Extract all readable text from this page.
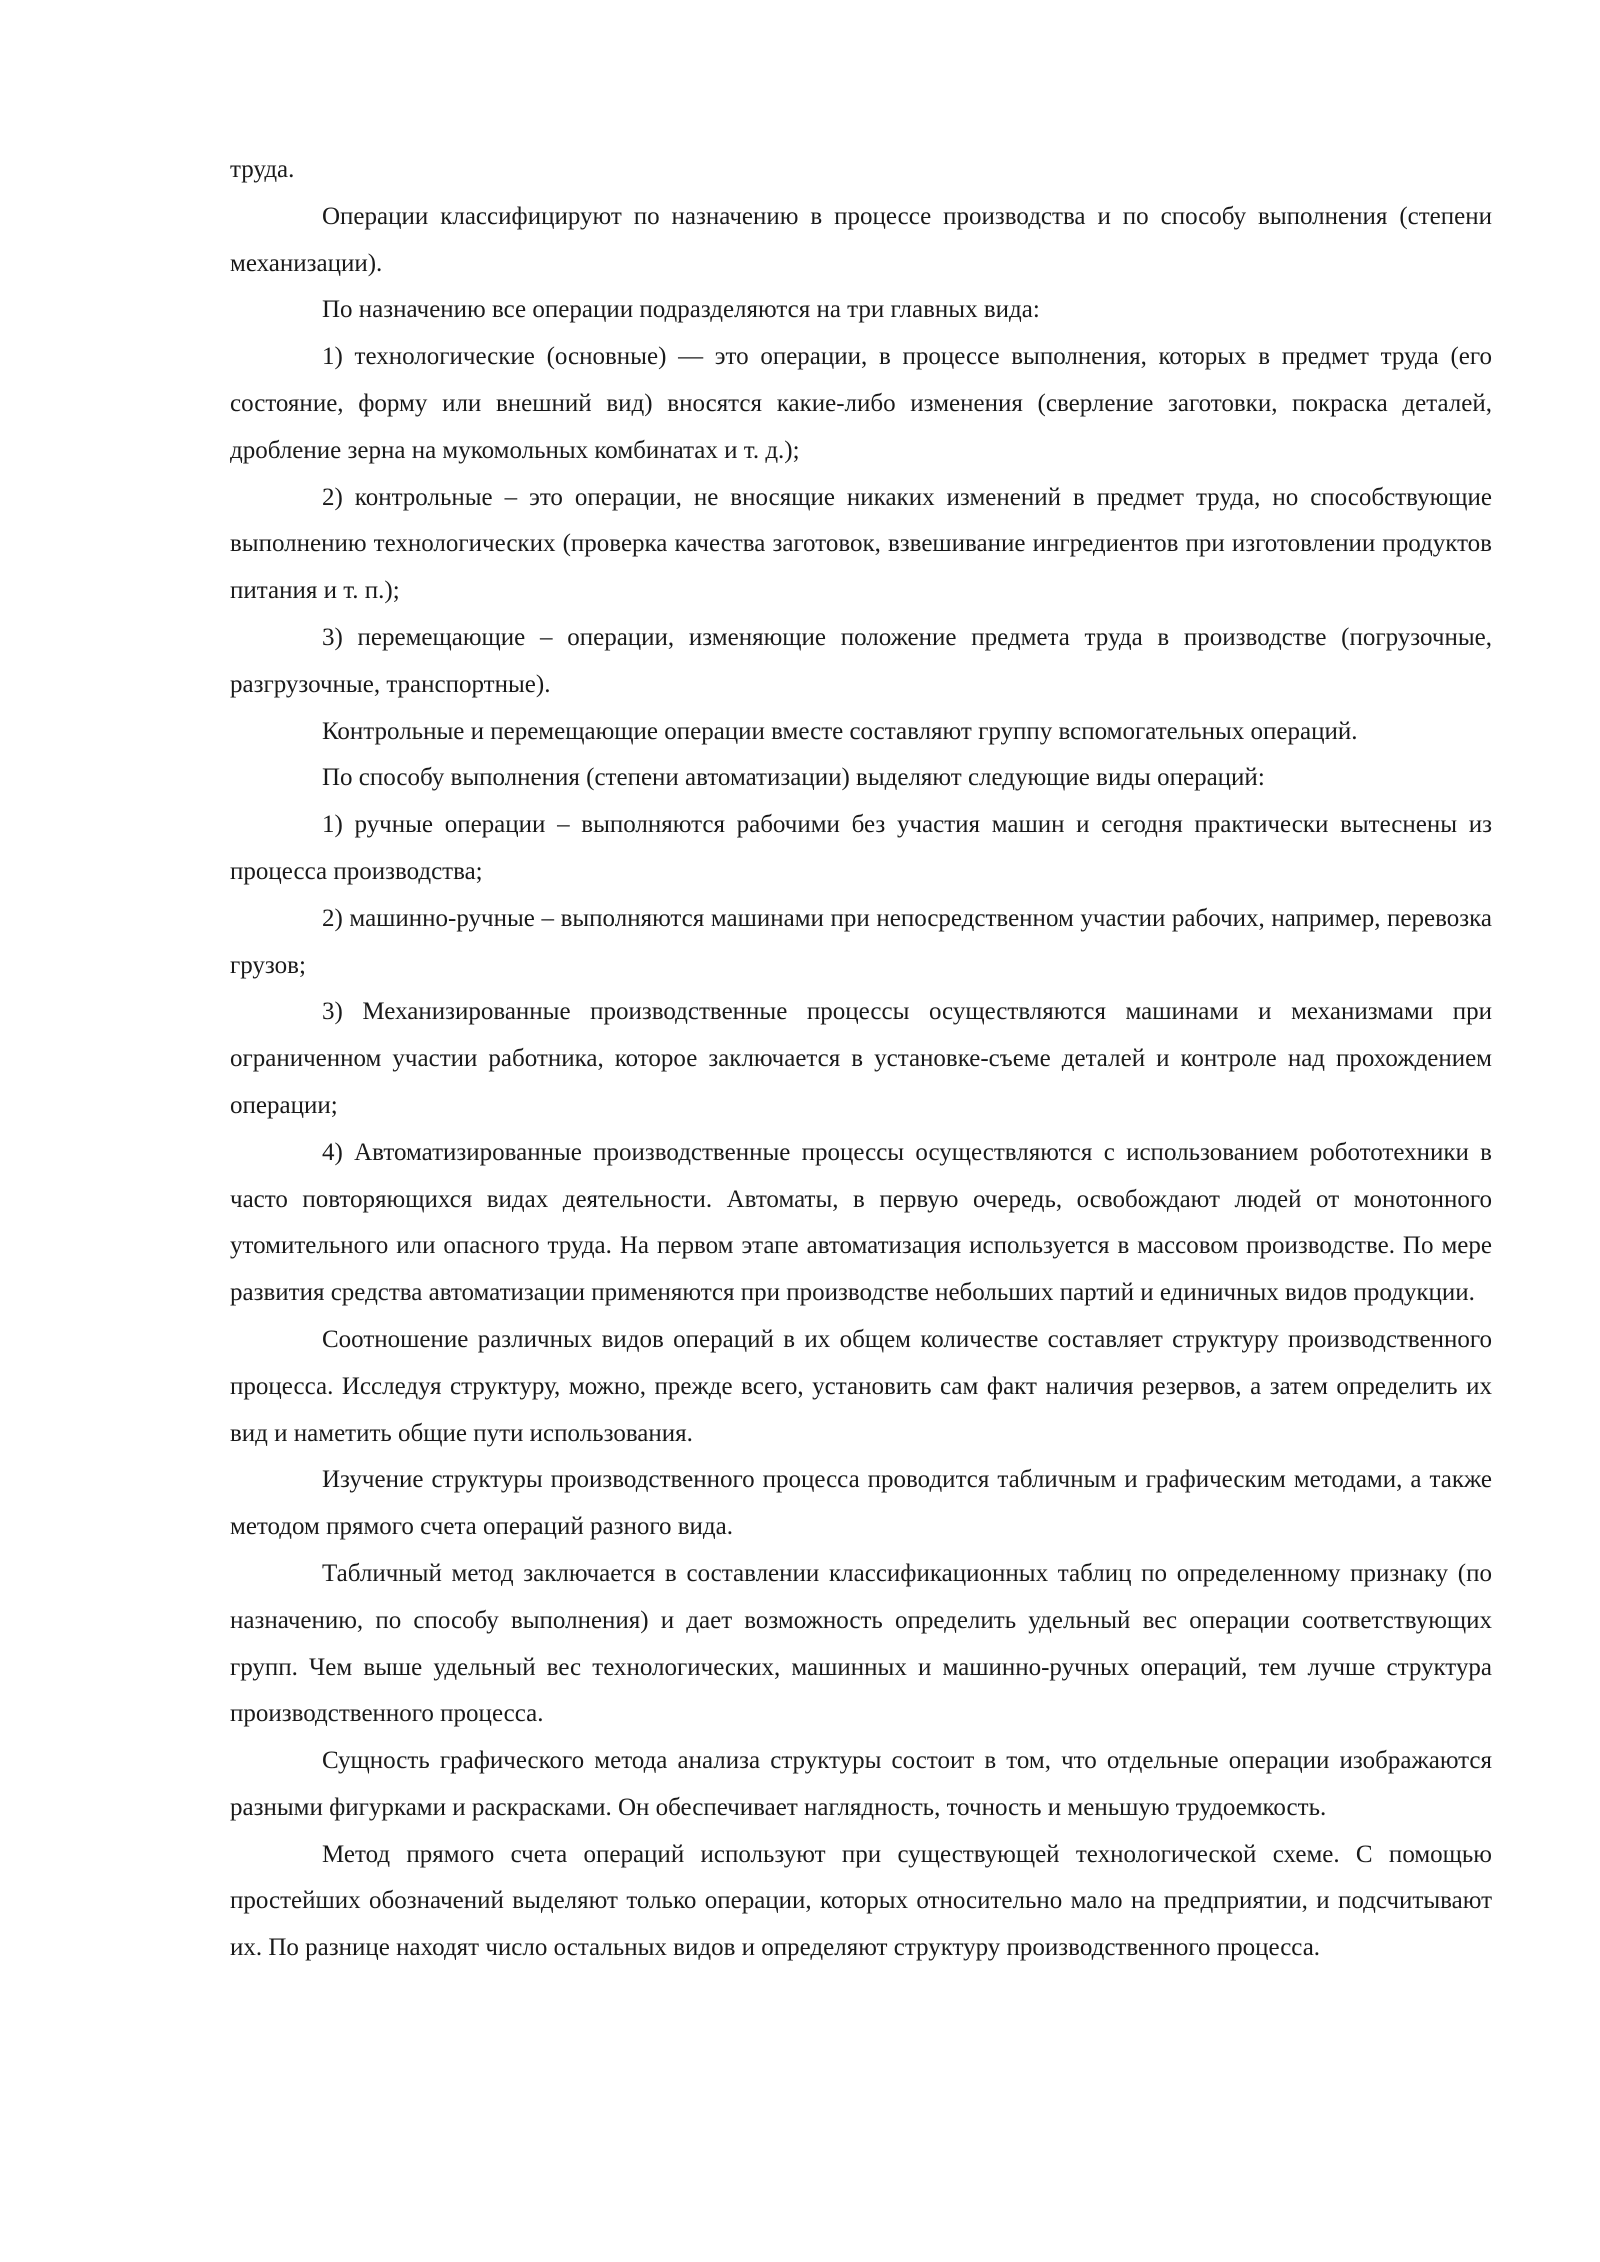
труда.

Операции классифицируют по назначению в процессе производства и по способу выполнения (степени механизации).

По назначению все операции подразделяются на три главных вида:

1) технологические (основные) — это операции, в процессе выполнения, которых в предмет труда (его состояние, форму или внешний вид) вносятся какие-либо изменения (сверление заготовки, покраска деталей, дробление зерна на мукомольных комбинатах и т. д.);

2) контрольные – это операции, не вносящие никаких изменений в предмет труда, но способствующие выполнению технологических (проверка качества заготовок, взвешивание ингредиентов при изготовлении продуктов питания и т. п.);

3) перемещающие – операции, изменяющие положение предмета труда в производстве (погрузочные, разгрузочные, транспортные).

Контрольные и перемещающие операции вместе составляют группу вспомогательных операций.

По способу выполнения (степени автоматизации) выделяют следующие виды операций:

1) ручные операции – выполняются рабочими без участия машин и сегодня практически вытеснены из процесса производства;

2) машинно-ручные – выполняются машинами при непосредственном участии рабочих, например, перевозка грузов;

3) Механизированные производственные процессы осуществляются машинами и механизмами при ограниченном участии работника, которое заключается в установке-съеме деталей и контроле над прохождением операции;

4) Автоматизированные производственные процессы осуществляются с использованием робототехники в часто повторяющихся видах деятельности. Автоматы, в первую очередь, освобождают людей от монотонного утомительного или опасного труда. На первом этапе автоматизация используется в массовом производстве. По мере развития средства автоматизации применяются при производстве небольших партий и единичных видов продукции.

Соотношение различных видов операций в их общем количестве составляет структуру производственного процесса. Исследуя структуру, можно, прежде всего, установить сам факт наличия резервов, а затем определить их вид и наметить общие пути использования.

Изучение структуры производственного процесса проводится табличным и графическим методами, а также методом прямого счета операций разного вида.

Табличный метод заключается в составлении классификационных таблиц по определенному признаку (по назначению, по способу выполнения) и дает возможность определить удельный вес операции соответствующих групп. Чем выше удельный вес технологических, машинных и машинно-ручных операций, тем лучше структура производственного процесса.

Сущность графического метода анализа структуры состоит в том, что отдельные операции изображаются разными фигурками и раскрасками. Он обеспечивает наглядность, точность и меньшую трудоемкость.

Метод прямого счета операций используют при существующей технологической схеме. С помощью простейших обозначений выделяют только операции, которых относительно мало на предприятии, и подсчитывают их. По разнице находят число остальных видов и определяют структуру производственного процесса.
